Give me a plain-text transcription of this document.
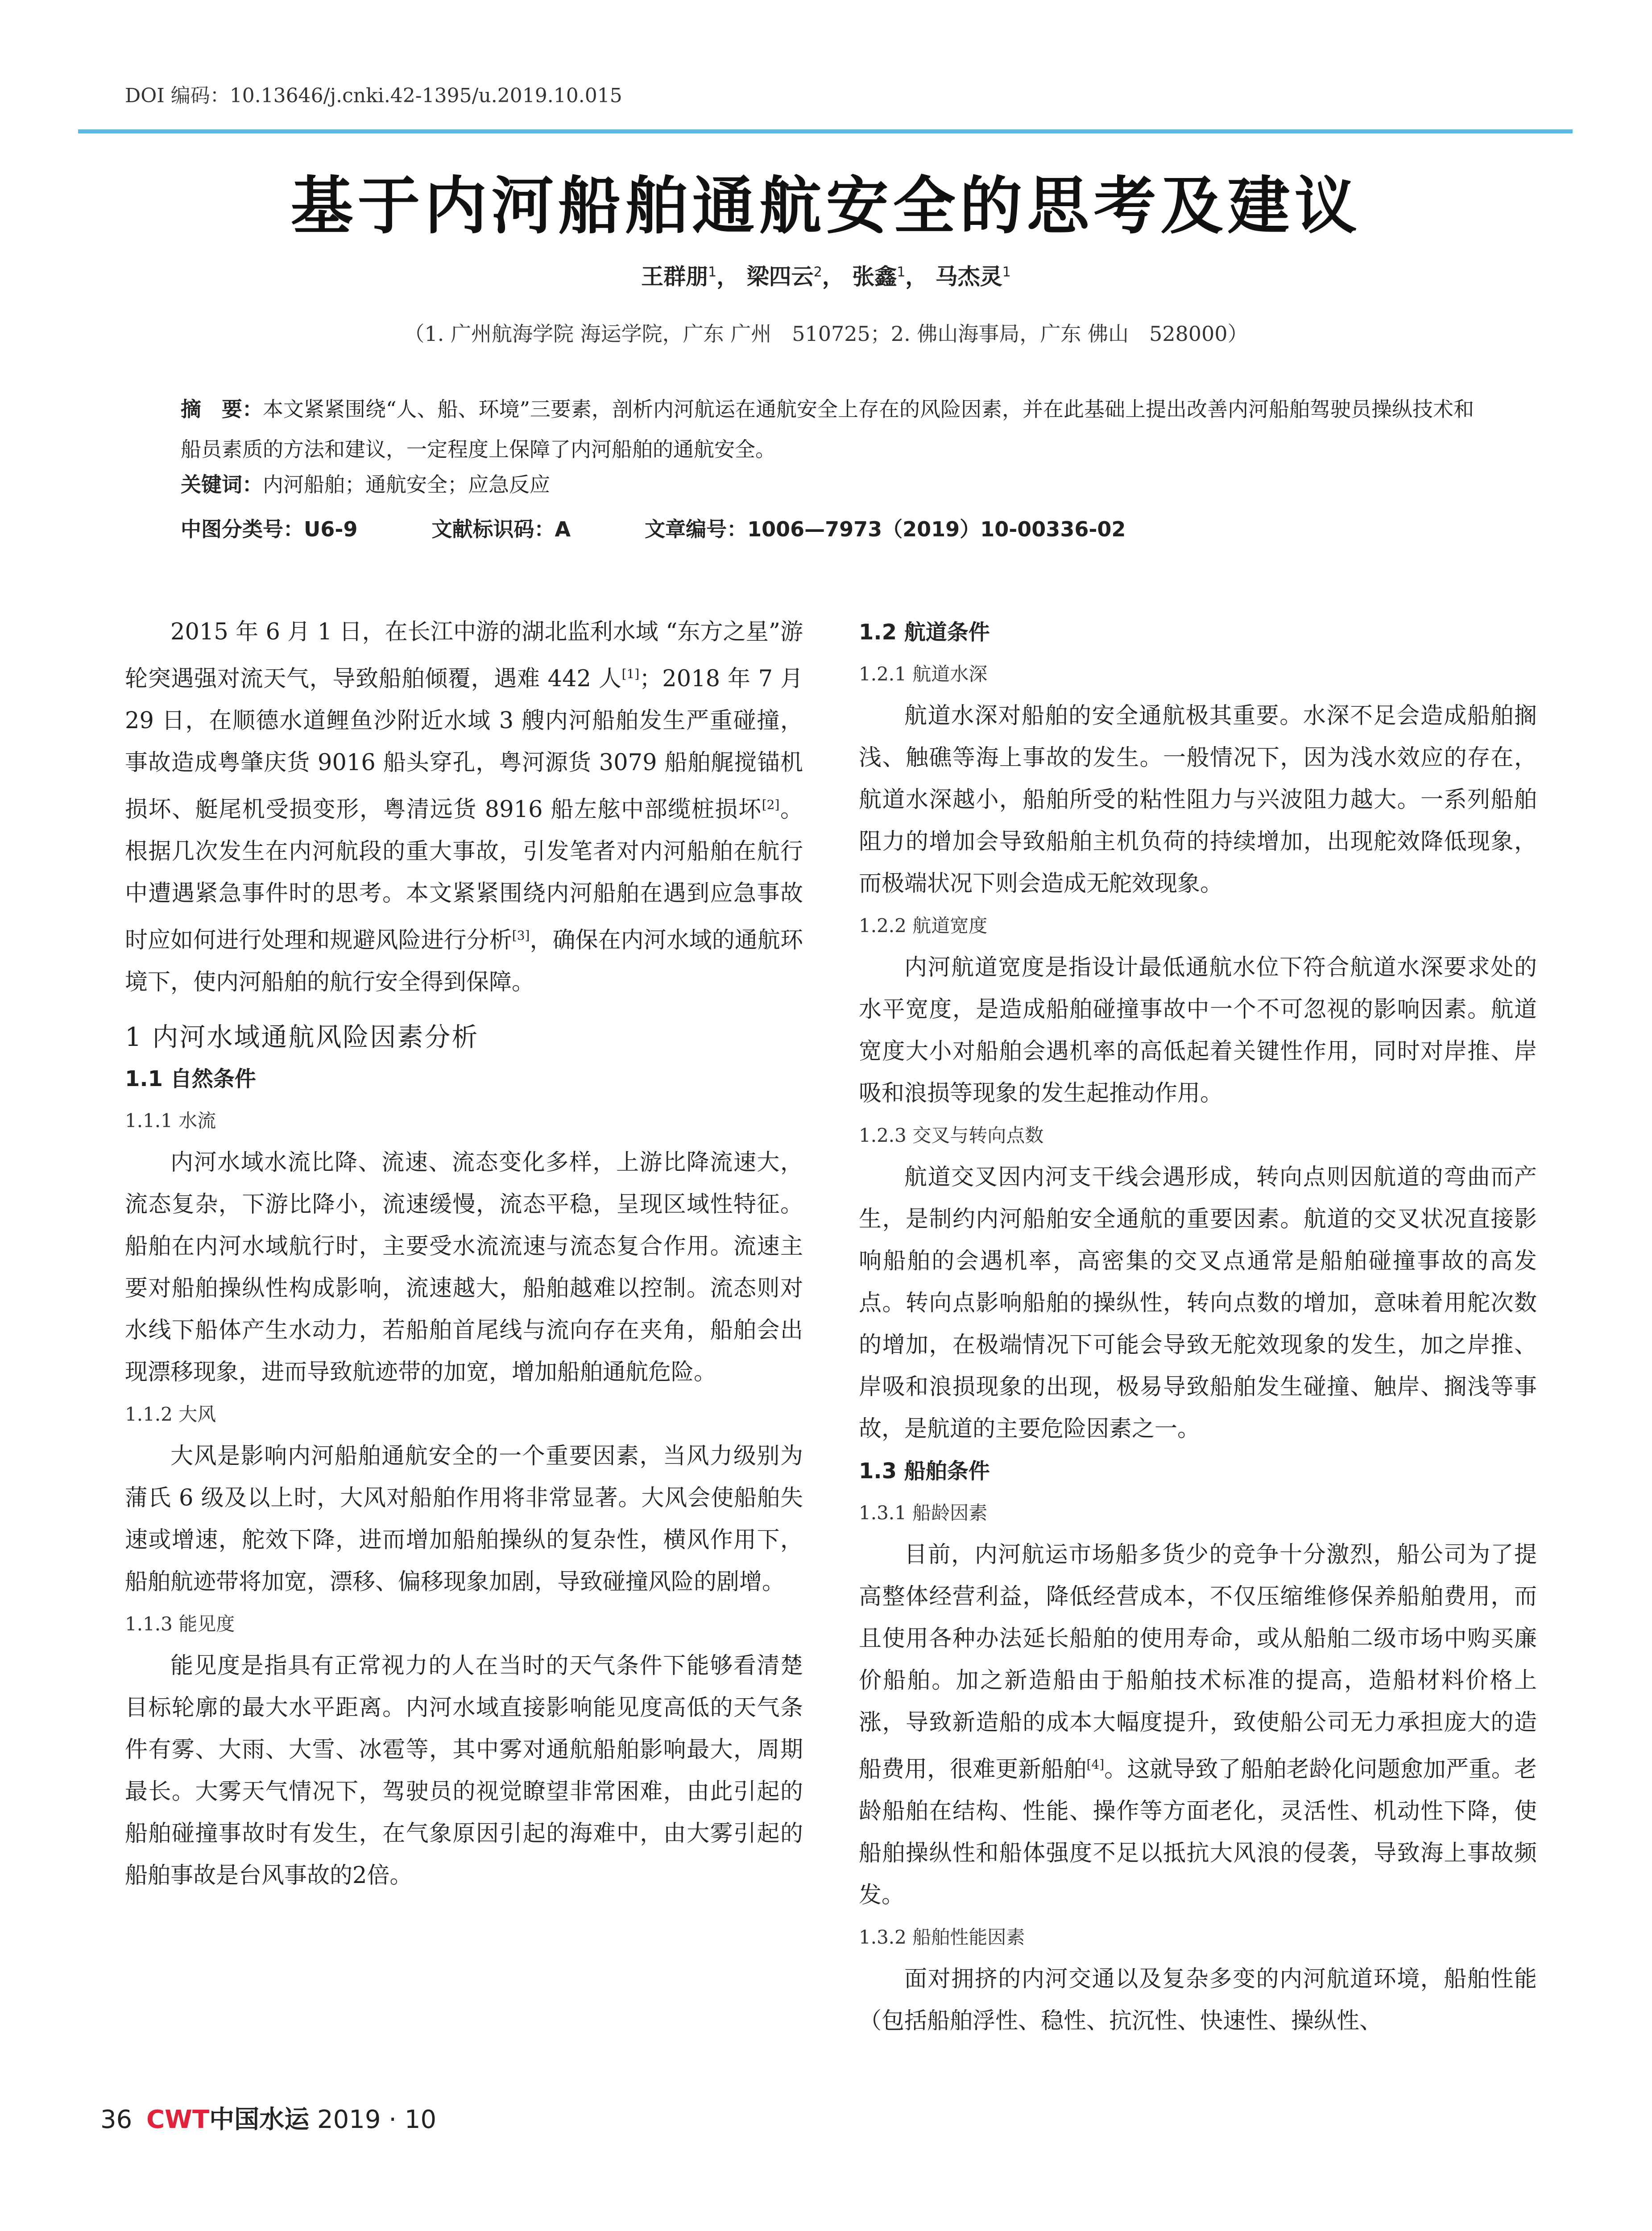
DOI 编码：10.13646/j.cnki.42-1395/u.2019.10.015
基于内河船舶通航安全的思考及建议
王群朋$^1$， 梁四云$^2$， 张鑫$^1$， 马杰灵$^1$
（1. 广州航海学院 海运学院，广东 广州　510725；2. 佛山海事局，广东 佛山　528000）
摘　要：本文紧紧围绕“人、船、环境”三要素，剖析内河航运在通航安全上存在的风险因素，并在此基础上提出改善内河船舶驾驶员操纵技术和船员素质的方法和建议，一定程度上保障了内河船舶的通航安全。
关键词：内河船舶；通航安全；应急反应
中图分类号：U6-9	文献标识码：A	文章编号：1006—7973（2019）10-00336-02

2015 年 6 月 1 日，在长江中游的湖北监利水域 “东方之星”游轮突遇强对流天气，导致船舶倾覆，遇难 442 人[1]；2018 年 7 月 29 日，在顺德水道鲤鱼沙附近水域 3 艘内河船舶发生严重碰撞，事故造成粤肇庆货 9016 船头穿孔，粤河源货 3079 船舶艉搅锚机损坏、艇尾机受损变形，粤清远货 8916 船左舷中部缆桩损坏[2]。根据几次发生在内河航段的重大事故，引发笔者对内河船舶在航行中遭遇紧急事件时的思考。本文紧紧围绕内河船舶在遇到应急事故时应如何进行处理和规避风险进行分析[3]，确保在内河水域的通航环境下，使内河船舶的航行安全得到保障。

1 内河水域通航风险因素分析
1.1 自然条件
1.1.1 水流

内河水域水流比降、流速、流态变化多样，上游比降流速大，流态复杂，下游比降小，流速缓慢，流态平稳，呈现区域性特征。船舶在内河水域航行时，主要受水流流速与流态复合作用。流速主要对船舶操纵性构成影响，流速越大，船舶越难以控制。流态则对水线下船体产生水动力，若船舶首尾线与流向存在夹角，船舶会出现漂移现象，进而导致航迹带的加宽，增加船舶通航危险。

1.1.2 大风

大风是影响内河船舶通航安全的一个重要因素，当风力级别为蒲氏 6 级及以上时，大风对船舶作用将非常显著。大风会使船舶失速或增速，舵效下降，进而增加船舶操纵的复杂性，横风作用下，船舶航迹带将加宽，漂移、偏移现象加剧，导致碰撞风险的剧增。

1.1.3 能见度

能见度是指具有正常视力的人在当时的天气条件下能够看清楚目标轮廓的最大水平距离。内河水域直接影响能见度高低的天气条件有雾、大雨、大雪、冰雹等，其中雾对通航船舶影响最大，周期最长。大雾天气情况下，驾驶员的视觉瞭望非常困难，由此引起的船舶碰撞事故时有发生，在气象原因引起的海难中，由大雾引起的船舶事故是台风事故的2倍。

1.2 航道条件
1.2.1 航道水深

航道水深对船舶的安全通航极其重要。水深不足会造成船舶搁浅、触礁等海上事故的发生。一般情况下，因为浅水效应的存在，航道水深越小，船舶所受的粘性阻力与兴波阻力越大。一系列船舶阻力的增加会导致船舶主机负荷的持续增加，出现舵效降低现象，而极端状况下则会造成无舵效现象。

1.2.2 航道宽度

内河航道宽度是指设计最低通航水位下符合航道水深要求处的水平宽度，是造成船舶碰撞事故中一个不可忽视的影响因素。航道宽度大小对船舶会遇机率的高低起着关键性作用，同时对岸推、岸吸和浪损等现象的发生起推动作用。

1.2.3 交叉与转向点数

航道交叉因内河支干线会遇形成，转向点则因航道的弯曲而产生，是制约内河船舶安全通航的重要因素。航道的交叉状况直接影响船舶的会遇机率，高密集的交叉点通常是船舶碰撞事故的高发点。转向点影响船舶的操纵性，转向点数的增加，意味着用舵次数的增加，在极端情况下可能会导致无舵效现象的发生，加之岸推、岸吸和浪损现象的出现，极易导致船舶发生碰撞、触岸、搁浅等事故，是航道的主要危险因素之一。

1.3 船舶条件
1.3.1 船龄因素

目前，内河航运市场船多货少的竞争十分激烈，船公司为了提高整体经营利益，降低经营成本，不仅压缩维修保养船舶费用，而且使用各种办法延长船舶的使用寿命，或从船舶二级市场中购买廉价船舶。加之新造船由于船舶技术标准的提高，造船材料价格上涨，导致新造船的成本大幅度提升，致使船公司无力承担庞大的造船费用，很难更新船舶[4]。这就导致了船舶老龄化问题愈加严重。老龄船舶在结构、性能、操作等方面老化，灵活性、机动性下降，使船舶操纵性和船体强度不足以抵抗大风浪的侵袭，导致海上事故频发。

1.3.2 船舶性能因素

面对拥挤的内河交通以及复杂多变的内河航道环境，船舶性能（包括船舶浮性、稳性、抗沉性、快速性、操纵性、

36 CWT中国水运 2019 · 10
